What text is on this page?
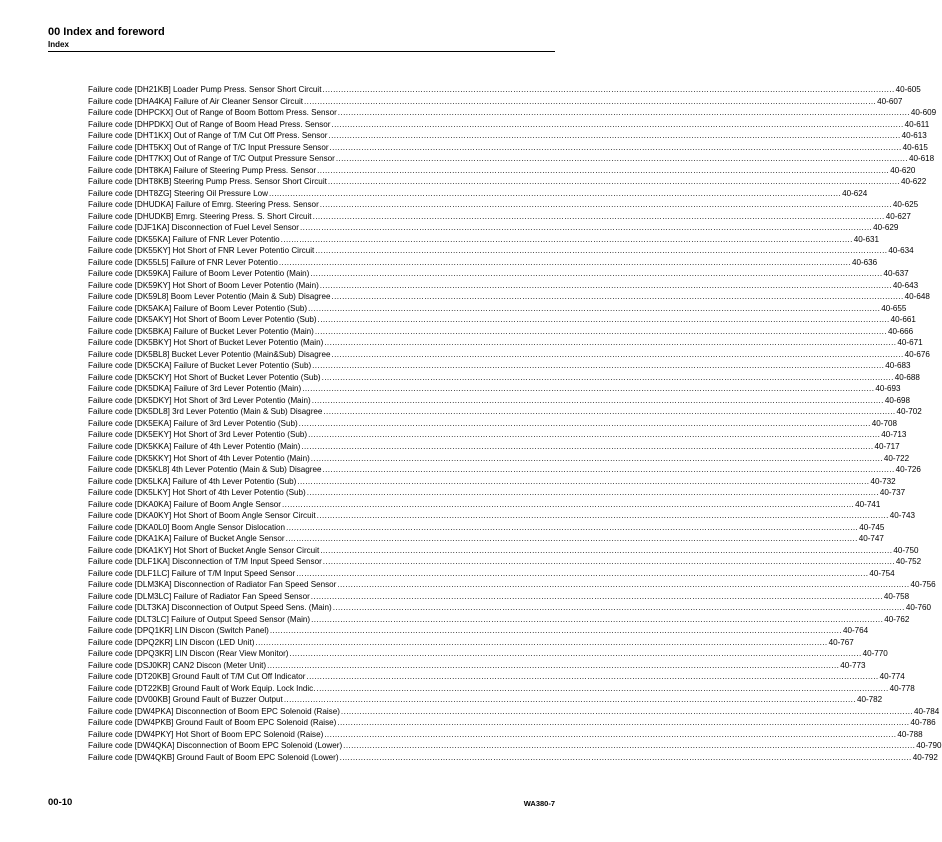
00 Index and foreword
Index
Failure code [DH21KB] Loader Pump Press. Sensor Short Circuit .....	40-605
Failure code [DHA4KA] Failure of Air Cleaner Sensor Circuit .....	40-607
Failure code [DHPCKX] Out of Range of Boom Bottom Press. Sensor .....	40-609
Failure code [DHPDKX] Out of Range of Boom Head Press. Sensor .....	40-611
Failure code [DHT1KX] Out of Range of T/M Cut Off Press. Sensor .....	40-613
Failure code [DHT5KX] Out of Range of T/C Input Pressure Sensor .....	40-615
Failure code [DHT7KX] Out of Range of T/C Output Pressure Sensor .....	40-618
Failure code [DHT8KA] Failure of Steering Pump Press. Sensor .....	40-620
Failure code [DHT8KB] Steering Pump Press. Sensor Short Circuit .....	40-622
Failure code [DHT8ZG] Steering Oil Pressure Low .....	40-624
Failure code [DHUDKA] Failure of Emrg. Steering Press. Sensor .....	40-625
Failure code [DHUDKB] Emrg. Steering Press. S. Short Circuit .....	40-627
Failure code [DJF1KA] Disconnection of Fuel Level Sensor .....	40-629
Failure code [DK55KA] Failure of FNR Lever Potentio .....	40-631
Failure code [DK55KY] Hot Short of FNR Lever Potentio Circuit .....	40-634
Failure code [DK55L5] Failure of FNR Lever Potentio .....	40-636
Failure code [DK59KA] Failure of Boom Lever Potentio (Main) .....	40-637
Failure code [DK59KY] Hot Short of Boom Lever Potentio (Main) .....	40-643
Failure code [DK59L8] Boom Lever Potentio (Main & Sub) Disagree .....	40-648
Failure code [DK5AKA] Failure of Boom Lever Potentio (Sub) .....	40-655
Failure code [DK5AKY] Hot Short of Boom Lever Potentio (Sub) .....	40-661
Failure code [DK5BKA] Failure of Bucket Lever Potentio (Main) .....	40-666
Failure code [DK5BKY] Hot Short of Bucket Lever Potentio (Main) .....	40-671
Failure code [DK5BL8] Bucket Lever Potentio (Main&Sub) Disagree .....	40-676
Failure code [DK5CKA] Failure of Bucket Lever Potentio (Sub) .....	40-683
Failure code [DK5CKY] Hot Short of Bucket Lever Potentio (Sub) .....	40-688
Failure code [DK5DKA] Failure of 3rd Lever Potentio (Main) .....	40-693
Failure code [DK5DKY] Hot Short of 3rd Lever Potentio (Main) .....	40-698
Failure code [DK5DL8] 3rd Lever Potentio (Main & Sub) Disagree .....	40-702
Failure code [DK5EKA] Failure of 3rd Lever Potentio (Sub) .....	40-708
Failure code [DK5EKY] Hot Short of 3rd Lever Potentio (Sub) .....	40-713
Failure code [DK5KKA] Failure of 4th Lever Potentio (Main) .....	40-717
Failure code [DK5KKY] Hot Short of 4th Lever Potentio (Main) .....	40-722
Failure code [DK5KL8] 4th Lever Potentio (Main & Sub) Disagree .....	40-726
Failure code [DK5LKA] Failure of 4th Lever Potentio (Sub) .....	40-732
Failure code [DK5LKY] Hot Short of 4th Lever Potentio (Sub) .....	40-737
Failure code [DKA0KA] Failure of Boom Angle Sensor .....	40-741
Failure code [DKA0KY] Hot Short of Boom Angle Sensor Circuit .....	40-743
Failure code [DKA0L0] Boom Angle Sensor Dislocation .....	40-745
Failure code [DKA1KA] Failure of Bucket Angle Sensor .....	40-747
Failure code [DKA1KY] Hot Short of Bucket Angle Sensor Circuit .....	40-750
Failure code [DLF1KA] Disconnection of T/M Input Speed Sensor .....	40-752
Failure code [DLF1LC] Failure of T/M Input Speed Sensor .....	40-754
Failure code [DLM3KA] Disconnection of Radiator Fan Speed Sensor .....	40-756
Failure code [DLM3LC] Failure of Radiator Fan Speed Sensor .....	40-758
Failure code [DLT3KA] Disconnection of Output Speed Sens. (Main) .....	40-760
Failure code [DLT3LC] Failure of Output Speed Sensor (Main) .....	40-762
Failure code [DPQ1KR] LIN Discon (Switch Panel) .....	40-764
Failure code [DPQ2KR] LIN Discon (LED Unit) .....	40-767
Failure code [DPQ3KR] LIN Discon (Rear View Monitor) .....	40-770
Failure code [DSJ0KR] CAN2 Discon (Meter Unit) .....	40-773
Failure code [DT20KB] Ground Fault of T/M Cut Off Indicator .....	40-774
Failure code [DT22KB] Ground Fault of Work Equip. Lock Indic. .....	40-778
Failure code [DV00KB] Ground Fault of Buzzer Output .....	40-782
Failure code [DW4PKA] Disconnection of Boom EPC Solenoid (Raise) .....	40-784
Failure code [DW4PKB] Ground Fault of Boom EPC Solenoid (Raise) .....	40-786
Failure code [DW4PKY] Hot Short of Boom EPC Solenoid (Raise) .....	40-788
Failure code [DW4QKA] Disconnection of Boom EPC Solenoid (Lower) .....	40-790
Failure code [DW4QKB] Ground Fault of Boom EPC Solenoid (Lower) .....	40-792
00-10	WA380-7
